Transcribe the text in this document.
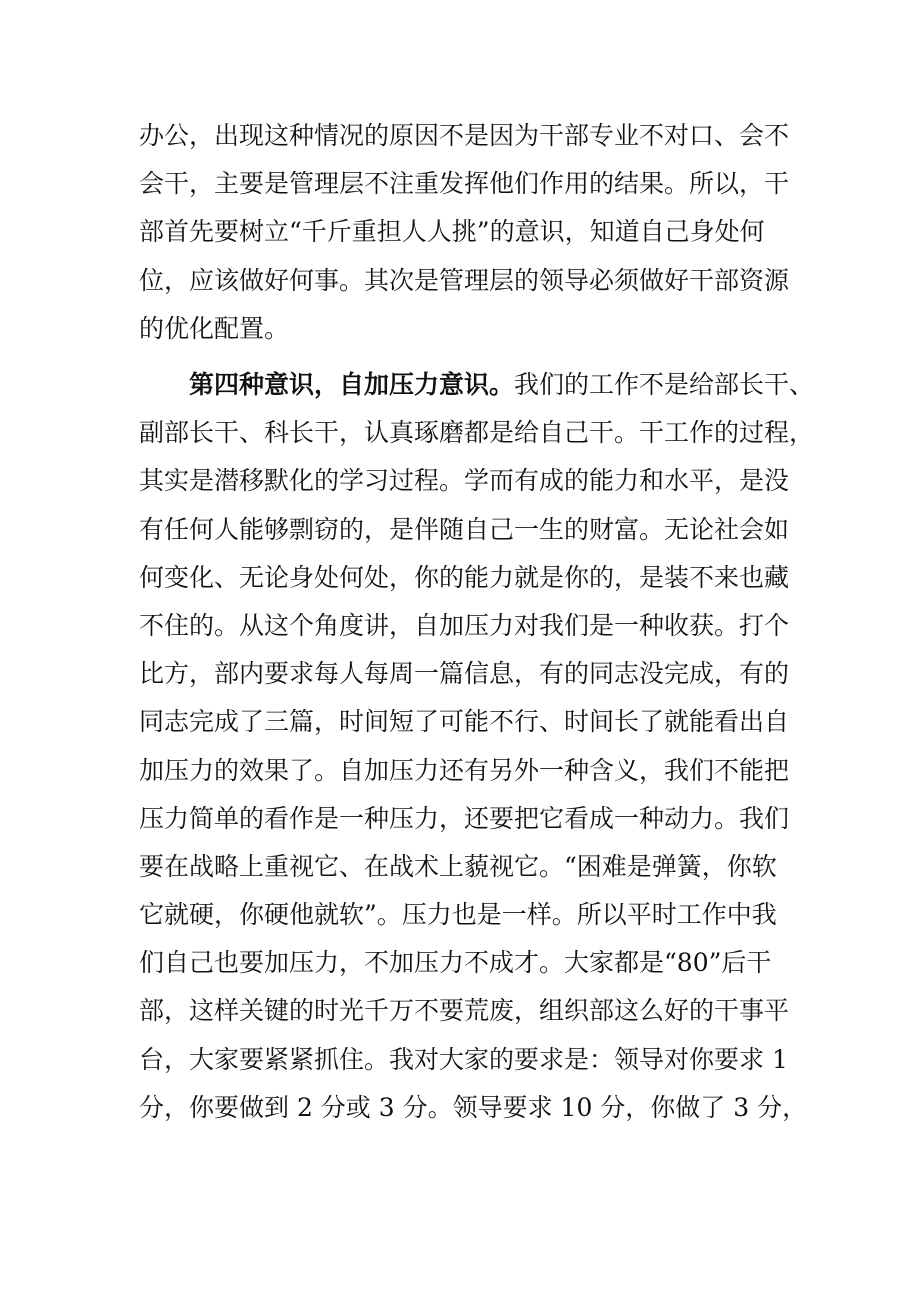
办公，出现这种情况的原因不是因为干部专业不对口、会不
会干，主要是管理层不注重发挥他们作用的结果。所以，干
部首先要树立“千斤重担人人挑”的意识，知道自己身处何
位，应该做好何事。其次是管理层的领导必须做好干部资源
的优化配置。
第四种意识，自加压力意识。我们的工作不是给部长干、
副部长干、科长干，认真琢磨都是给自己干。干工作的过程，
其实是潜移默化的学习过程。学而有成的能力和水平，是没
有任何人能够剽窃的，是伴随自己一生的财富。无论社会如
何变化、无论身处何处，你的能力就是你的，是装不来也藏
不住的。从这个角度讲，自加压力对我们是一种收获。打个
比方，部内要求每人每周一篇信息，有的同志没完成，有的
同志完成了三篇，时间短了可能不行、时间长了就能看出自
加压力的效果了。自加压力还有另外一种含义，我们不能把
压力简单的看作是一种压力，还要把它看成一种动力。我们
要在战略上重视它、在战术上藐视它。“困难是弹簧，你软
它就硬，你硬他就软”。压力也是一样。所以平时工作中我
们自己也要加压力，不加压力不成才。大家都是“80”后干
部，这样关键的时光千万不要荒废，组织部这么好的干事平
台，大家要紧紧抓住。我对大家的要求是：领导对你要求 1
分，你要做到 2 分或 3 分。领导要求 10 分，你做了 3 分，
